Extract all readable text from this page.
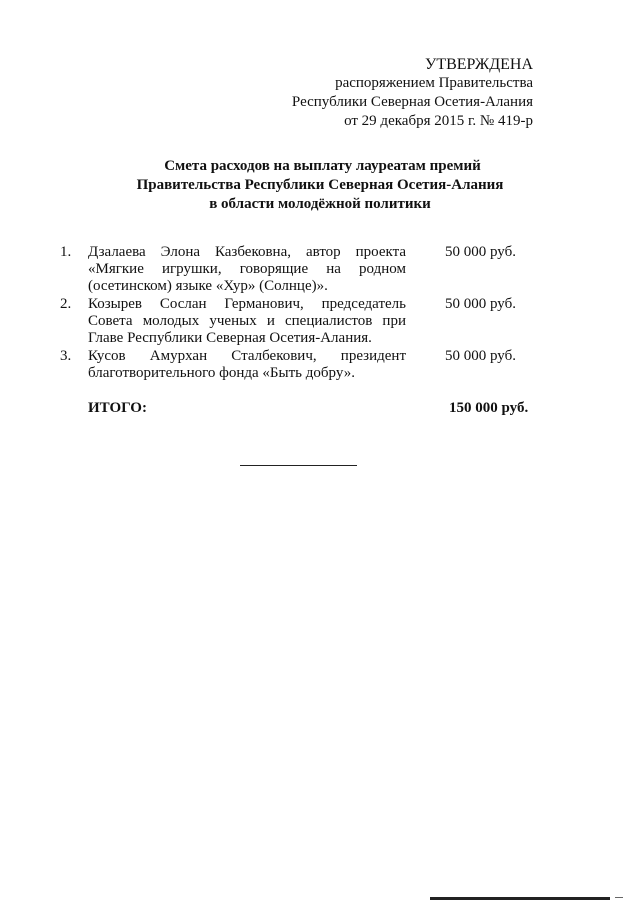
УТВЕРЖДЕНА
распоряжением Правительства
Республики Северная Осетия-Алания
от 29 декабря 2015 г. № 419-р
Смета расходов на выплату лауреатам премий
Правительства Республики Северная Осетия-Алания
в области молодёжной политики
1.	Дзалаева Элона Казбековна, автор проекта
«Мягкие игрушки, говорящие на родном
(осетинском) языке «Хур» (Солнце)».
50 000 руб.
2.	Козырев Сослан Германович, председатель
Совета молодых ученых и специалистов при
Главе Республики Северная Осетия-Алания.
50 000 руб.
3.	Кусов Амурхан Сталбекович, президент
благотворительного фонда «Быть добру».
50 000 руб.
ИТОГО:	150 000 руб.
